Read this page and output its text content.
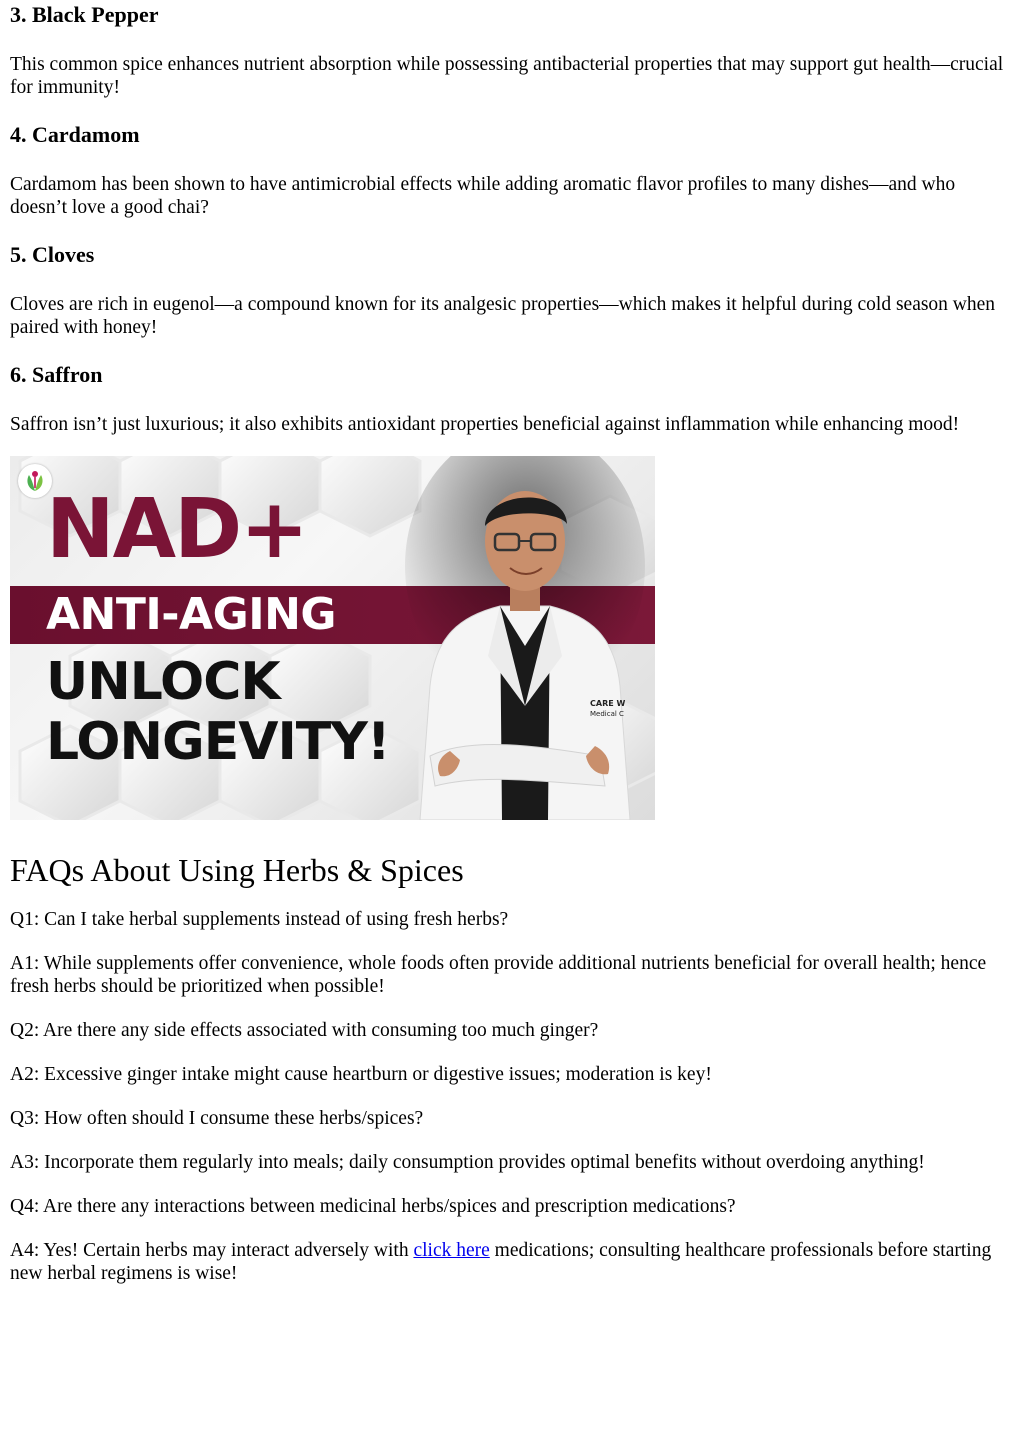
3. Black Pepper

This common spice enhances nutrient absorption while possessing antibacterial properties that may support gut health—crucial for immunity!

4. Cardamom

Cardamom has been shown to have antimicrobial effects while adding aromatic flavor profiles to many dishes—and who doesn’t love a good chai?

5. Cloves

Cloves are rich in eugenol—a compound known for its analgesic properties—which makes it helpful during cold season when paired with honey!

6. Saffron

Saffron isn’t just luxurious; it also exhibits antioxidant properties beneficial against inflammation while enhancing mood!

NAD+
ANTI-AGING
UNLOCK
LONGEVITY!
CARE W
Medical C
FAQs About Using Herbs & Spices

Q1: Can I take herbal supplements instead of using fresh herbs?

A1: While supplements offer convenience, whole foods often provide additional nutrients beneficial for overall health; hence fresh herbs should be prioritized when possible!

Q2: Are there any side effects associated with consuming too much ginger?

A2: Excessive ginger intake might cause heartburn or digestive issues; moderation is key!

Q3: How often should I consume these herbs/spices?

A3: Incorporate them regularly into meals; daily consumption provides optimal benefits without overdoing anything!

Q4: Are there any interactions between medicinal herbs/spices and prescription medications?

A4: Yes! Certain herbs may interact adversely with click here medications; consulting healthcare professionals before starting new herbal regimens is wise!
